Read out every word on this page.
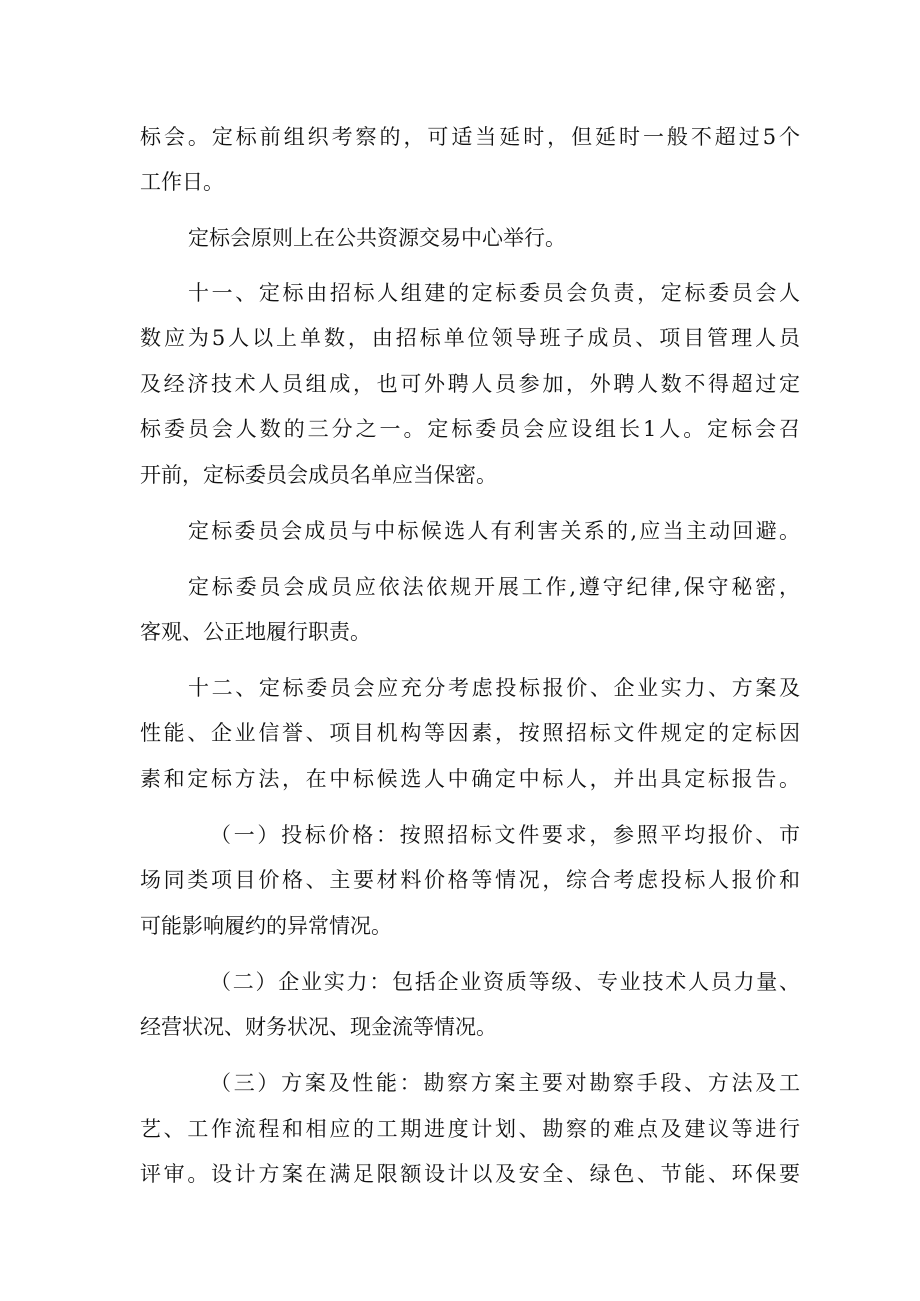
标会。定标前组织考察的，可适当延时，但延时一般不超过5个
工作日。
定标会原则上在公共资源交易中心举行。
十一、定标由招标人组建的定标委员会负责，定标委员会人
数应为5人以上单数，由招标单位领导班子成员、项目管理人员
及经济技术人员组成，也可外聘人员参加，外聘人数不得超过定
标委员会人数的三分之一。定标委员会应设组长1人。定标会召
开前，定标委员会成员名单应当保密。
定标委员会成员与中标候选人有利害关系的,应当主动回避。
定标委员会成员应依法依规开展工作,遵守纪律,保守秘密，
客观、公正地履行职责。
十二、定标委员会应充分考虑投标报价、企业实力、方案及
性能、企业信誉、项目机构等因素，按照招标文件规定的定标因
素和定标方法，在中标候选人中确定中标人，并出具定标报告。
（一）投标价格：按照招标文件要求，参照平均报价、市
场同类项目价格、主要材料价格等情况，综合考虑投标人报价和
可能影响履约的异常情况。
（二）企业实力：包括企业资质等级、专业技术人员力量、
经营状况、财务状况、现金流等情况。
（三）方案及性能：勘察方案主要对勘察手段、方法及工
艺、工作流程和相应的工期进度计划、勘察的难点及建议等进行
评审。设计方案在满足限额设计以及安全、绿色、节能、环保要
